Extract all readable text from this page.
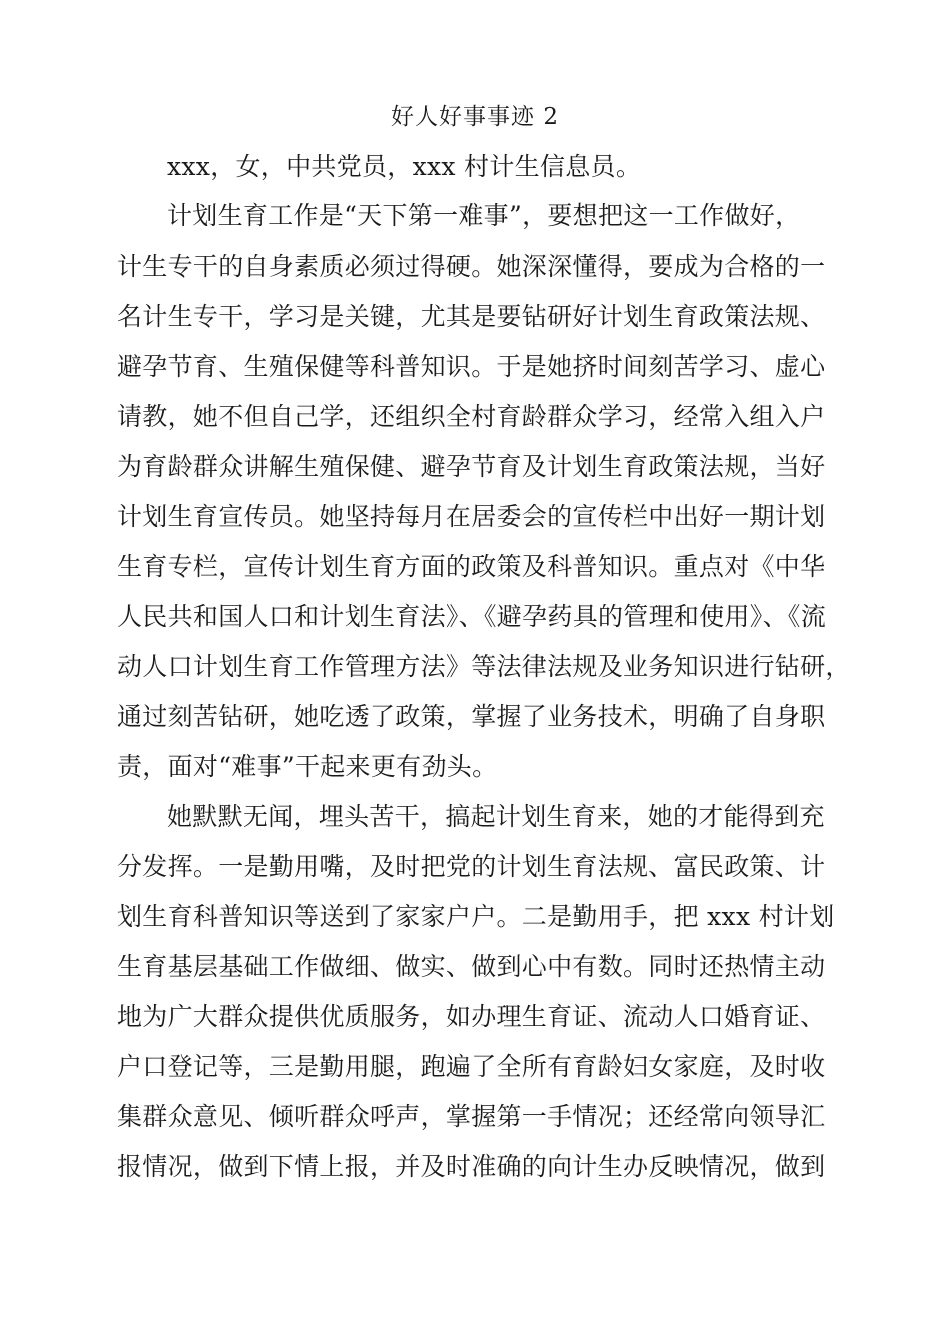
好人好事事迹 2
xxx，女，中共党员，xxx 村计生信息员。
计划生育工作是“天下第一难事”，要想把这一工作做好，
计生专干的自身素质必须过得硬。她深深懂得，要成为合格的一
名计生专干，学习是关键，尤其是要钻研好计划生育政策法规、
避孕节育、生殖保健等科普知识。于是她挤时间刻苦学习、虚心
请教，她不但自己学，还组织全村育龄群众学习，经常入组入户
为育龄群众讲解生殖保健、避孕节育及计划生育政策法规，当好
计划生育宣传员。她坚持每月在居委会的宣传栏中出好一期计划
生育专栏，宣传计划生育方面的政策及科普知识。重点对《中华
人民共和国人口和计划生育法》、《避孕药具的管理和使用》、《流
动人口计划生育工作管理方法》等法律法规及业务知识进行钻研，
通过刻苦钻研，她吃透了政策，掌握了业务技术，明确了自身职
责，面对“难事”干起来更有劲头。
她默默无闻，埋头苦干，搞起计划生育来，她的才能得到充
分发挥。一是勤用嘴，及时把党的计划生育法规、富民政策、计
划生育科普知识等送到了家家户户。二是勤用手，把 xxx 村计划
生育基层基础工作做细、做实、做到心中有数。同时还热情主动
地为广大群众提供优质服务，如办理生育证、流动人口婚育证、
户口登记等，三是勤用腿，跑遍了全所有育龄妇女家庭，及时收
集群众意见、倾听群众呼声，掌握第一手情况；还经常向领导汇
报情况，做到下情上报，并及时准确的向计生办反映情况，做到
